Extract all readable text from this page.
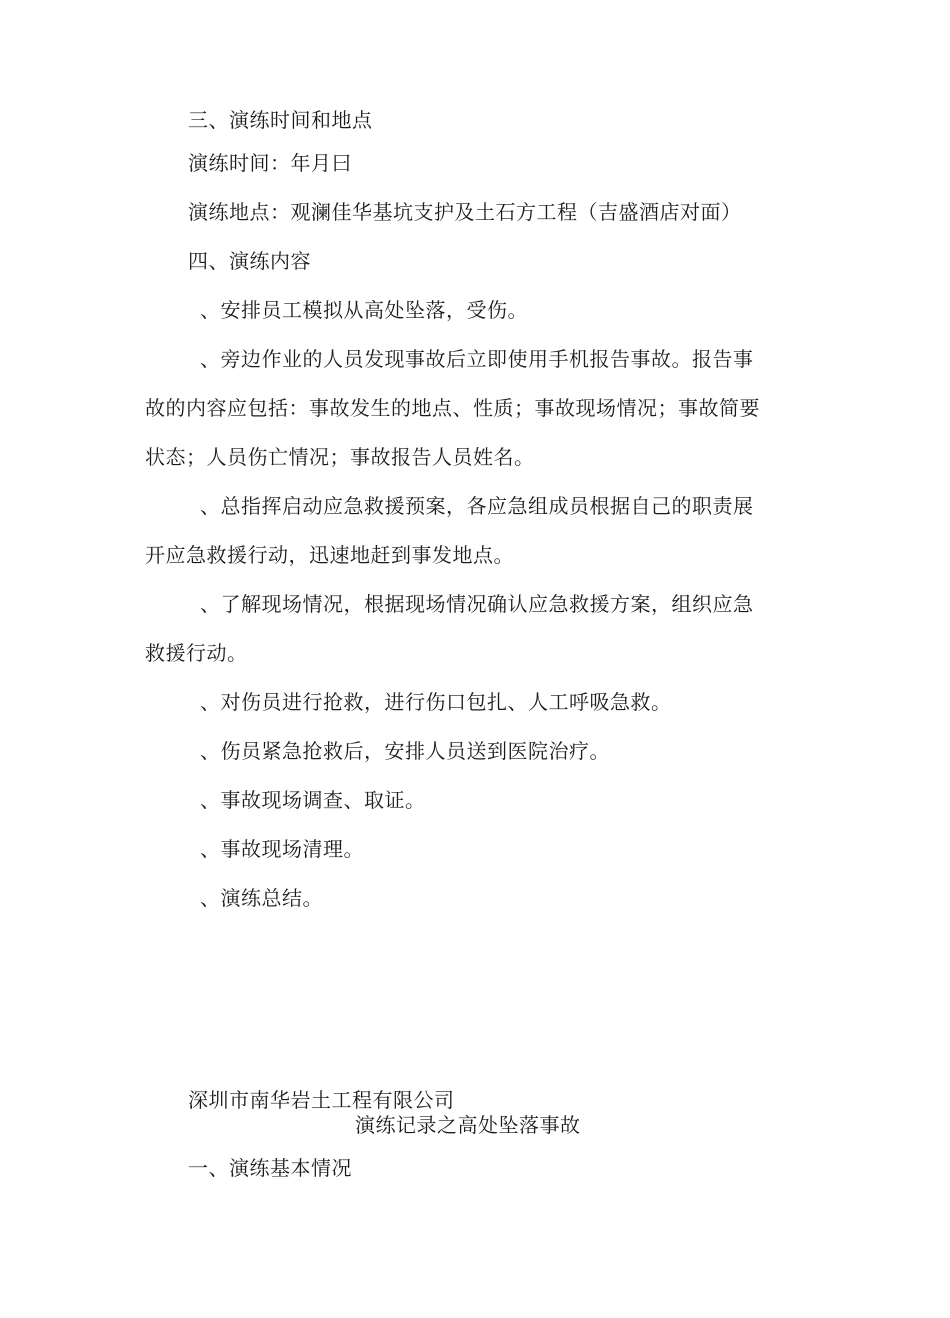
三、演练时间和地点
演练时间：年月曰
演练地点：观澜佳华基坑支护及土石方工程（吉盛酒店对面）
四、演练内容
、安排员工模拟从高处坠落，受伤。
、旁边作业的人员发现事故后立即使用手机报告事故。报告事
故的内容应包括：事故发生的地点、性质；事故现场情况；事故简要
状态；人员伤亡情况；事故报告人员姓名。
、总指挥启动应急救援预案，各应急组成员根据自己的职责展
开应急救援行动，迅速地赶到事发地点。
、了解现场情况，根据现场情况确认应急救援方案，组织应急
救援行动。
、对伤员进行抢救，进行伤口包扎、人工呼吸急救。
、伤员紧急抢救后，安排人员送到医院治疗。
、事故现场调查、取证。
、事故现场清理。
、演练总结。
深圳市南华岩土工程有限公司
演练记录之高处坠落事故
一、演练基本情况
